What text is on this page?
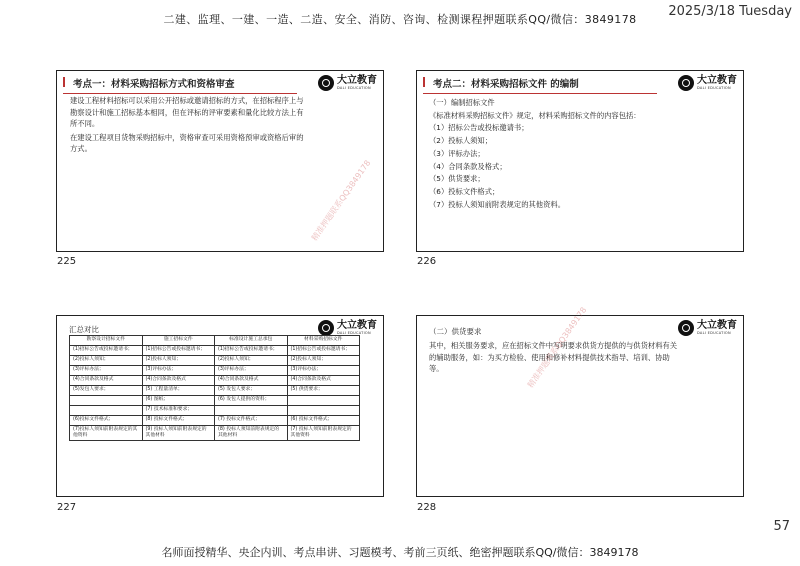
二建、监理、一建、一造、二造、安全、消防、咨询、检测课程押题联系QQ/微信：3849178
2025/3/18 Tuesday
考点一：材料采购招标方式和资格审查	大立教育
DALI EDUCATION

建设工程材料招标可以采用公开招标或邀请招标的方式，在招标程序上与勘察设计和施工招标基本相同，但在评标的评审要素和量化比较方法上有所不同。

在建设工程项目货物采购招标中，资格审查可采用资格预审或资格后审的方式。

精准押题联系QQ3849178
225
考点二：材料采购招标文件 的编制	大立教育
DALI EDUCATION
（一）编制招标文件
《标准材料采购招标文件》规定，材料采购招标文件的内容包括：
（1）招标公告或投标邀请书；
（2）投标人须知；
（3）评标办法；
（4）合同条款及格式；
（5）供货要求；
（6）投标文件格式；
（7）投标人须知前附表规定的其他资料。
226
汇总对比	大立教育
DALI EDUCATION
勘察设计招标文件	施工招标文件	标准设计施工总承包	材料采购招标文件
(1)招标公告或投标邀请书；	(1)招标公告或投标邀请书；	(1)招标公告或投标邀请书；	(1)招标公告或投标邀请书；
(2)投标人须知；	(2)投标人须知；	(2)投标人须知；	(2)投标人须知；
(3)评标办法；	(3)评标办法；	(3)评标办法；	(3)评标办法；
(4)合同条款及格式	(4)合同条款及格式	(4)合同条款及格式	(4)合同条款及格式
(5)发包人要求；	(5) 工程量清单；	(5) 发包人要求；	(5) 供货要求；
	(6) 图纸；	(6) 发包人提供的资料；	
	(7) 技术标准和要求；		
(6)投标文件格式；	(8) 投标文件格式；	(7) 投标文件格式；	(6) 投标文件格式；
(7)投标人须知前附表规定的其他资料	(9) 投标人须知前附表规定的其他材料	(8) 投标人须知前附表规定的其他材料	(7) 投标人须知前附表规定的其他资料
227
（二）供货要求
大立教育
DALI EDUCATION

其中，相关服务要求，应在招标文件中写明要求供货方提供的与供货材料有关的辅助服务，如：为买方检验、使用和修补材料提供技术指导、培训、协助等。	精准押题联系QQ3849178
228
57
名师面授精华、央企内训、考点串讲、习题模考、考前三页纸、绝密押题联系QQ/微信：3849178
